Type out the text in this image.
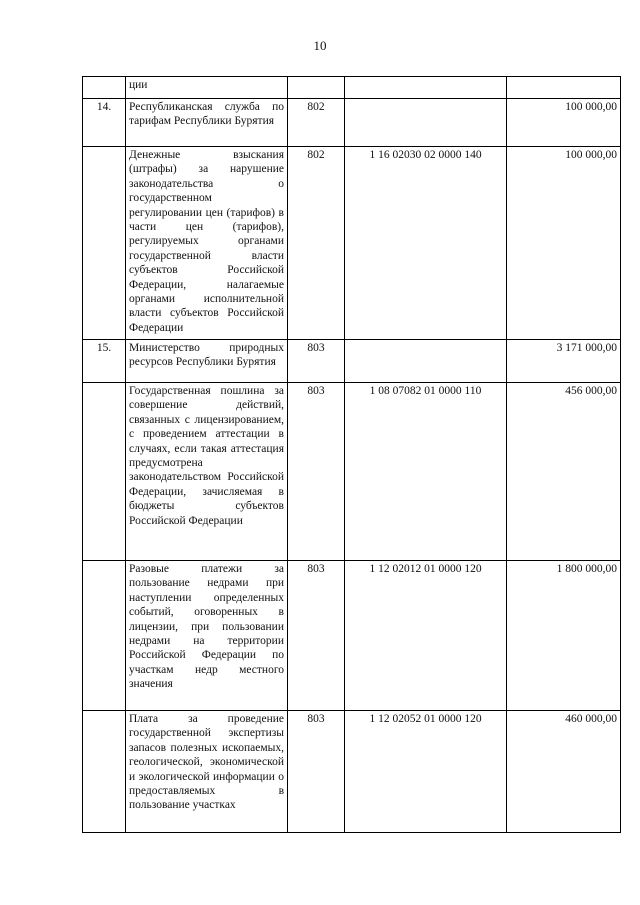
10

	ции			

14.	Республиканская служба по тарифам Республики Бурятия	802		100 000,00

	Денежные взыскания (штрафы) за нарушение законодательства о государственном регулировании цен (тарифов) в части цен (тарифов), регулируемых органами государственной власти субъектов Российской Федерации, налагаемые органами исполнительной власти субъектов Российской Федерации	802	1 16 02030 02 0000 140	100 000,00
15.	Министерство природных ресурсов Республики Бурятия	803		3 171 000,00

	Государственная пошлина за совершение действий, связанных с лицензированием, с проведением аттестации в случаях, если такая аттестация предусмотрена законодательством Российской Федерации, зачисляемая в бюджеты субъектов Российской Федерации	803	1 08 07082 01 0000 110	456 000,00

	Разовые платежи за пользование недрами при наступлении определенных событий, оговоренных в лицензии, при пользовании недрами на территории Российской Федерации по участкам недр местного значения	803	1 12 02012 01 0000 120	1 800 000,00

	Плата за проведение государственной экспертизы запасов полезных ископаемых, геологической, экономической и экологической информации о предоставляемых в пользование участках	803	1 12 02052 01 0000 120	460 000,00
